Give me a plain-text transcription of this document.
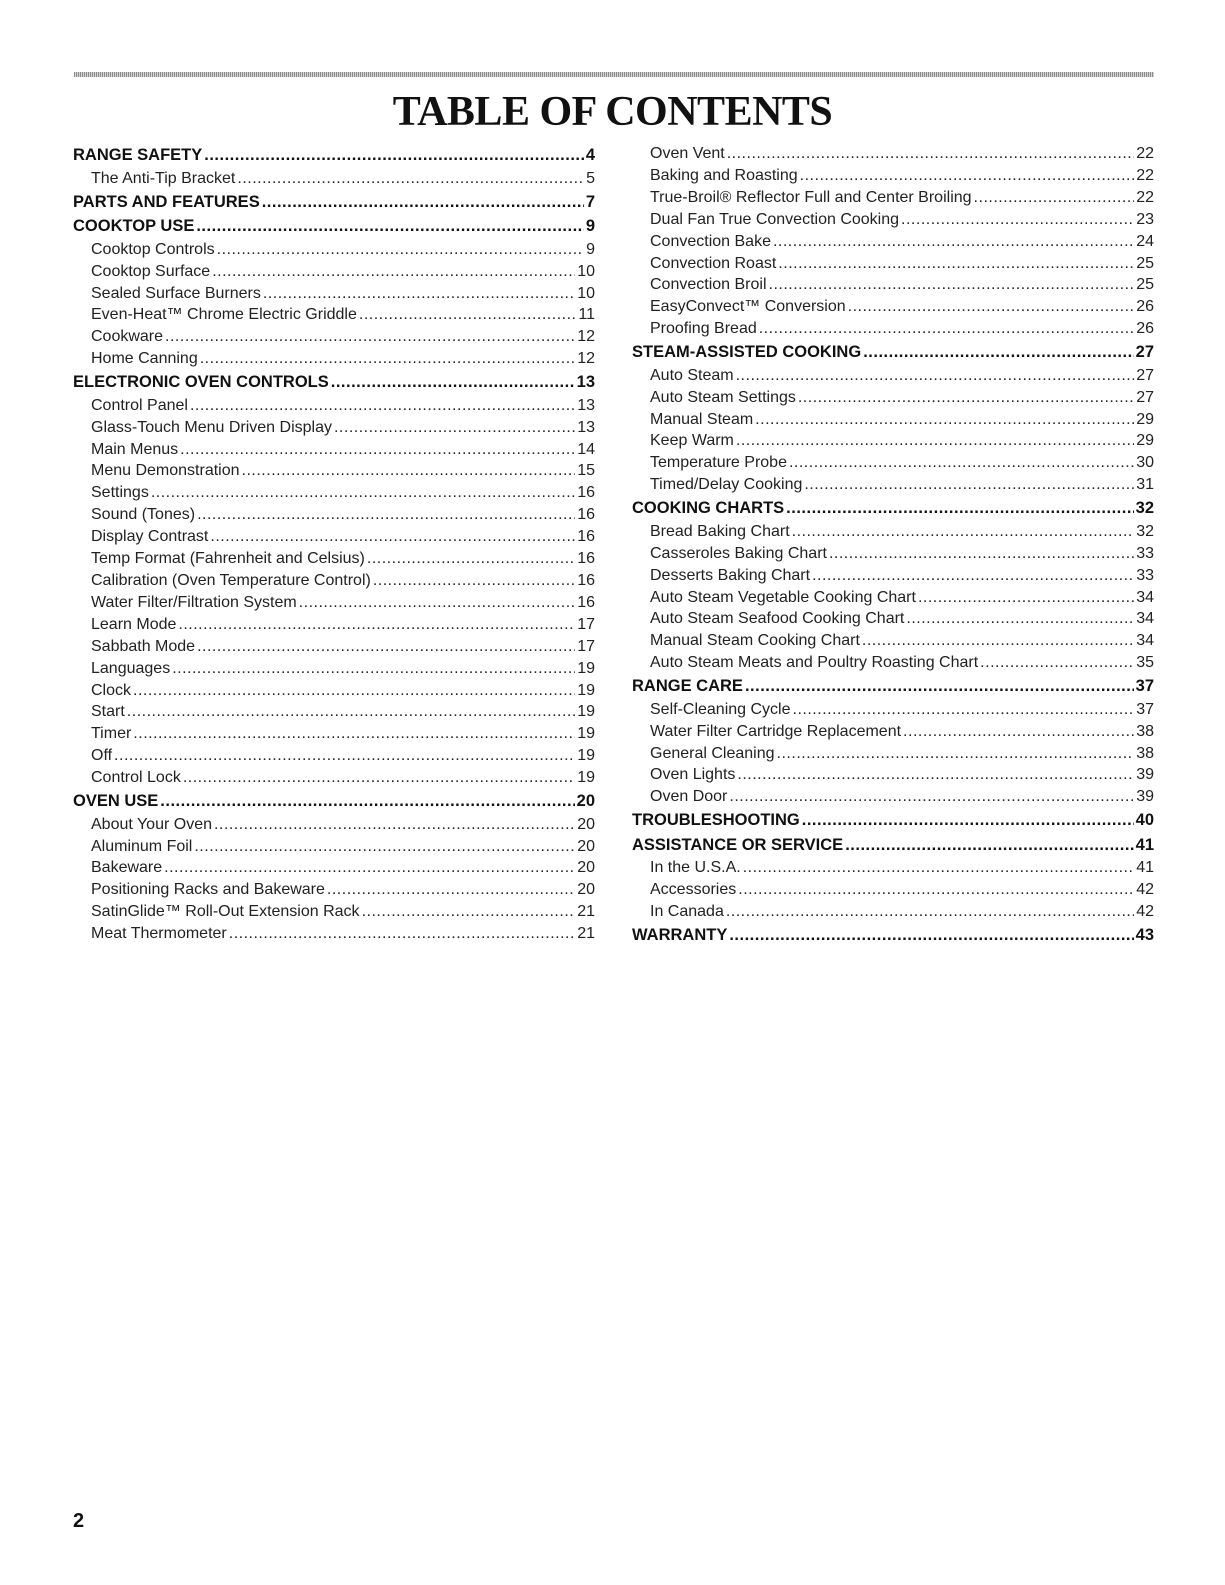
TABLE OF CONTENTS
RANGE SAFETY .....	4
The Anti-Tip Bracket .....	5
PARTS AND FEATURES .....	7
COOKTOP USE .....	9
Cooktop Controls .....	9
Cooktop Surface .....	10
Sealed Surface Burners .....	10
Even-Heat™ Chrome Electric Griddle .....	11
Cookware .....	12
Home Canning .....	12
ELECTRONIC OVEN CONTROLS .....	13
Control Panel .....	13
Glass-Touch Menu Driven Display .....	13
Main Menus .....	14
Menu Demonstration .....	15
Settings .....	16
Sound (Tones) .....	16
Display Contrast .....	16
Temp Format (Fahrenheit and Celsius) .....	16
Calibration (Oven Temperature Control) .....	16
Water Filter/Filtration System .....	16
Learn Mode .....	17
Sabbath Mode .....	17
Languages .....	19
Clock .....	19
Start .....	19
Timer .....	19
Off .....	19
Control Lock .....	19
OVEN USE .....	20
About Your Oven .....	20
Aluminum Foil .....	20
Bakeware .....	20
Positioning Racks and Bakeware .....	20
SatinGlide™ Roll-Out Extension Rack .....	21
Meat Thermometer .....	21
Oven Vent .....	22
Baking and Roasting .....	22
True-Broil® Reflector Full and Center Broiling .....	22
Dual Fan True Convection Cooking .....	23
Convection Bake .....	24
Convection Roast .....	25
Convection Broil .....	25
EasyConvect™ Conversion .....	26
Proofing Bread .....	26
STEAM-ASSISTED COOKING .....	27
Auto Steam .....	27
Auto Steam Settings .....	27
Manual Steam .....	29
Keep Warm .....	29
Temperature Probe .....	30
Timed/Delay Cooking .....	31
COOKING CHARTS .....	32
Bread Baking Chart .....	32
Casseroles Baking Chart .....	33
Desserts Baking Chart .....	33
Auto Steam Vegetable Cooking Chart .....	34
Auto Steam Seafood Cooking Chart .....	34
Manual Steam Cooking Chart .....	34
Auto Steam Meats and Poultry Roasting Chart .....	35
RANGE CARE .....	37
Self-Cleaning Cycle .....	37
Water Filter Cartridge Replacement .....	38
General Cleaning .....	38
Oven Lights .....	39
Oven Door .....	39
TROUBLESHOOTING .....	40
ASSISTANCE OR SERVICE .....	41
In the U.S.A. .....	41
Accessories .....	42
In Canada .....	42
WARRANTY .....	43
2
